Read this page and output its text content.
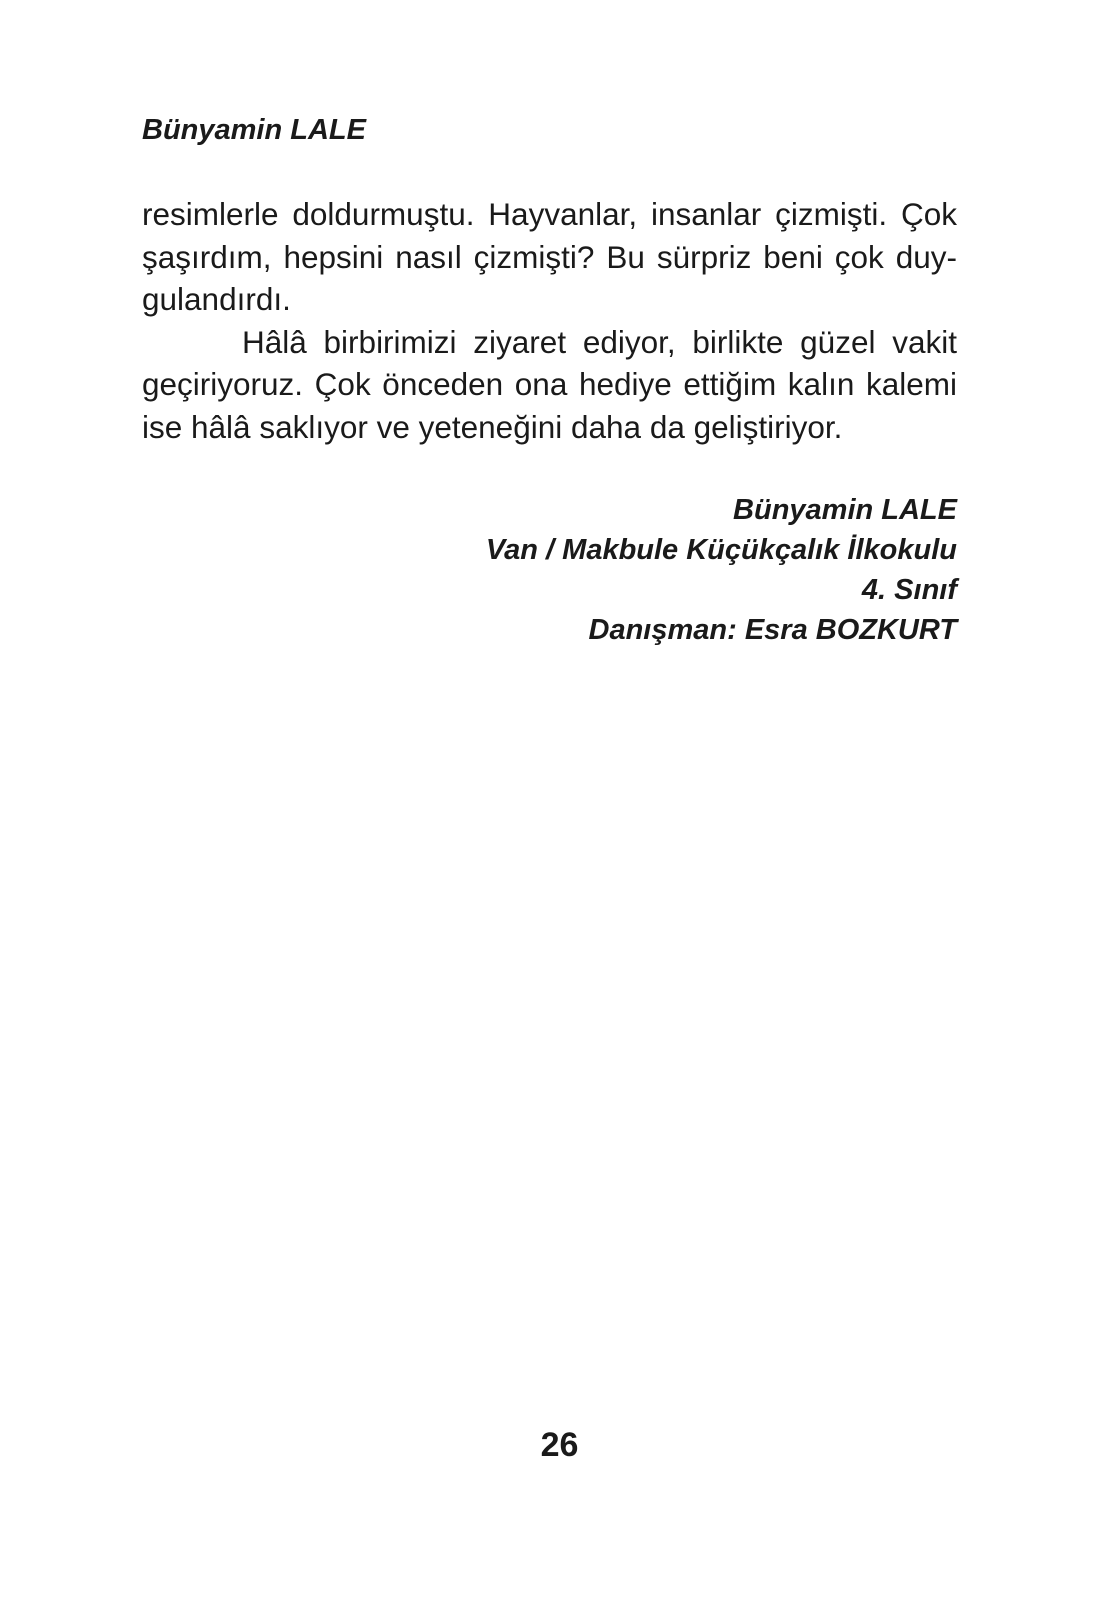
Bünyamin LALE
resimlerle doldurmuştu. Hayvanlar, insanlar çizmişti. Çok
şaşırdım, hepsini nasıl çizmişti? Bu sürpriz beni çok duy-
gulandırdı.
Hâlâ birbirimizi ziyaret ediyor, birlikte güzel vakit
geçiriyoruz. Çok önceden ona hediye ettiğim kalın kalemi
ise hâlâ saklıyor ve yeteneğini daha da geliştiriyor.
Bünyamin LALE
Van / Makbule Küçükçalık İlkokulu
4. Sınıf
Danışman: Esra BOZKURT
26
